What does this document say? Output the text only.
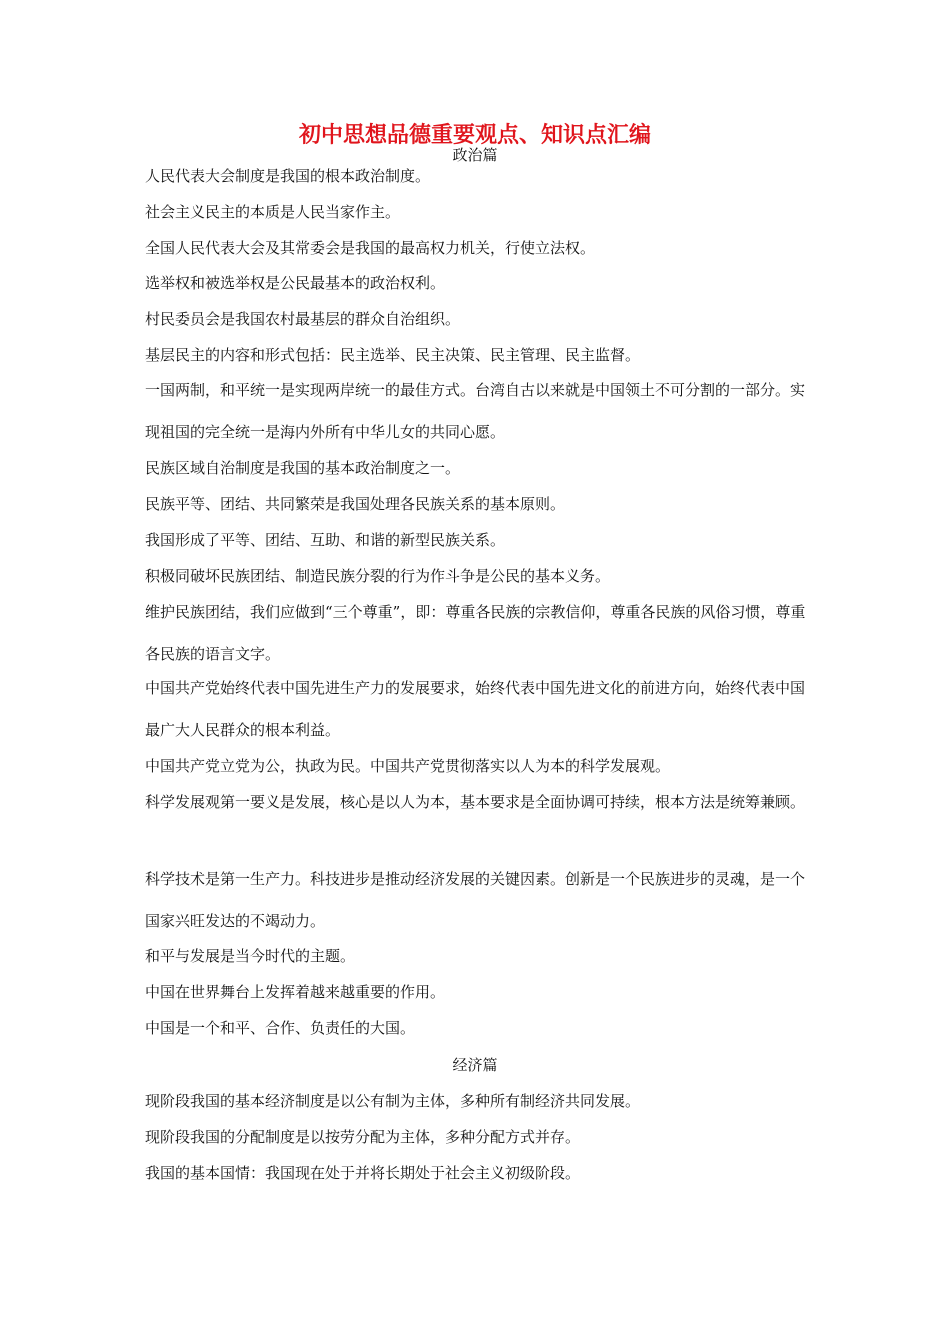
初中思想品德重要观点、知识点汇编
政治篇

人民代表大会制度是我国的根本政治制度。

社会主义民主的本质是人民当家作主。

全国人民代表大会及其常委会是我国的最高权力机关，行使立法权。

选举权和被选举权是公民最基本的政治权利。

村民委员会是我国农村最基层的群众自治组织。

基层民主的内容和形式包括：民主选举、民主决策、民主管理、民主监督。

一国两制，和平统一是实现两岸统一的最佳方式。台湾自古以来就是中国领土不可分割的一部分。实现祖国的完全统一是海内外所有中华儿女的共同心愿。

民族区域自治制度是我国的基本政治制度之一。

民族平等、团结、共同繁荣是我国处理各民族关系的基本原则。

我国形成了平等、团结、互助、和谐的新型民族关系。

积极同破坏民族团结、制造民族分裂的行为作斗争是公民的基本义务。

维护民族团结，我们应做到“三个尊重”，即：尊重各民族的宗教信仰，尊重各民族的风俗习惯，尊重各民族的语言文字。

中国共产党始终代表中国先进生产力的发展要求，始终代表中国先进文化的前进方向，始终代表中国最广大人民群众的根本利益。

中国共产党立党为公，执政为民。中国共产党贯彻落实以人为本的科学发展观。

科学发展观第一要义是发展，核心是以人为本，基本要求是全面协调可持续，根本方法是统筹兼顾。

科学技术是第一生产力。科技进步是推动经济发展的关键因素。创新是一个民族进步的灵魂，是一个国家兴旺发达的不竭动力。

和平与发展是当今时代的主题。

中国在世界舞台上发挥着越来越重要的作用。

中国是一个和平、合作、负责任的大国。

经济篇

现阶段我国的基本经济制度是以公有制为主体，多种所有制经济共同发展。

现阶段我国的分配制度是以按劳分配为主体，多种分配方式并存。

我国的基本国情：我国现在处于并将长期处于社会主义初级阶段。
